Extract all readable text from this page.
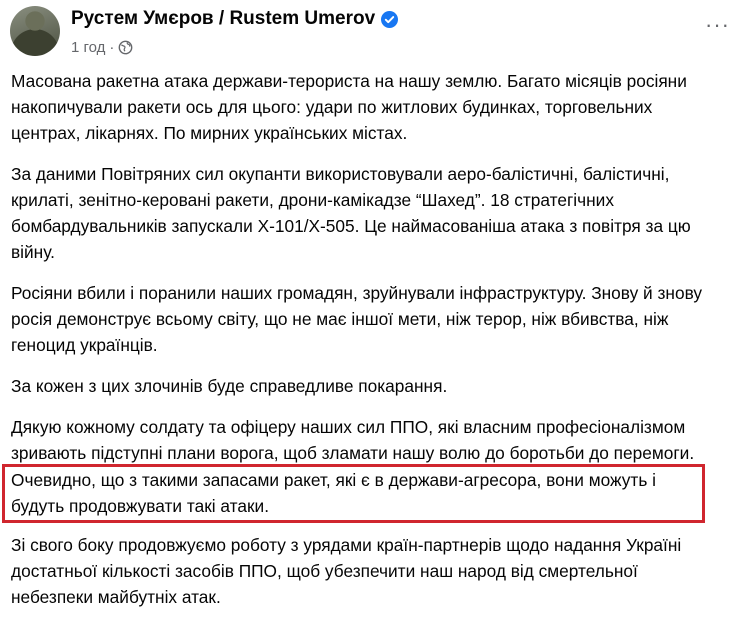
Рустем Умєров / Rustem Umerov
1 год ·
···

Масована ракетна атака держави-терориста на нашу землю. Багато місяців росіяни накопичували ракети ось для цього: удари по житлових будинках, торговельних центрах, лікарнях. По мирних українських містах.

За даними Повітряних сил окупанти використовували аеро-балістичні, балістичні, крилаті, зенітно-керовані ракети, дрони-камікадзе “Шахед”. 18 стратегічних бомбардувальників запускали Х-101/Х-505. Це наймасованіша атака з повітря за цю війну.

Росіяни вбили і поранили наших громадян, зруйнували інфраструктуру. Знову й знову росія демонструє всьому світу, що не має іншої мети, ніж терор, ніж вбивства, ніж геноцид українців.

За кожен з цих злочинів буде справедливе покарання.

Дякую кожному солдату та офіцеру наших сил ППО, які власним професіоналізмом зривають підступні плани ворога, щоб зламати нашу волю до боротьби до перемоги.

Очевидно, що з такими запасами ракет, які є в держави-агресора, вони можуть і будуть продовжувати такі атаки.
Зі свого боку продовжуємо роботу з урядами країн-партнерів щодо надання Україні достатньої кількості засобів ППО, щоб убезпечити наш народ від смертельної небезпеки майбутніх атак.
